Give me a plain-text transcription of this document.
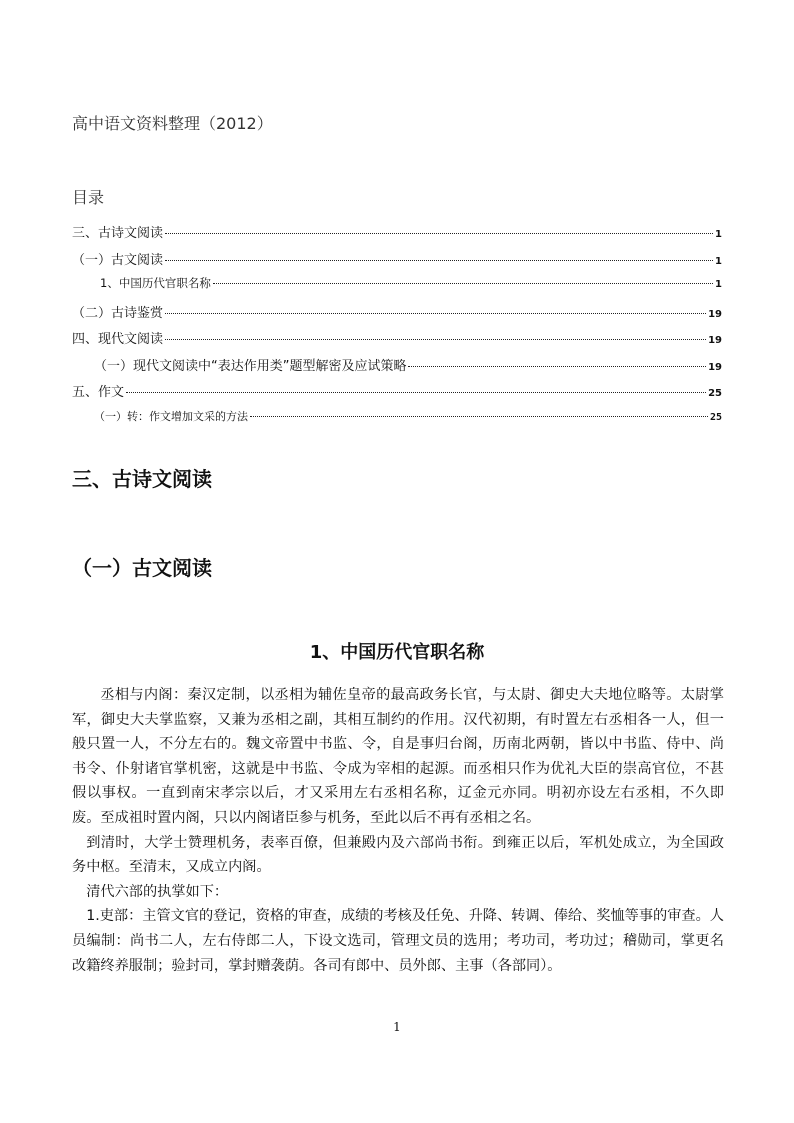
高中语文资料整理（2012）
目录
三、古诗文阅读	1
（一）古文阅读	1
1、中国历代官职名称	1
（二）古诗鉴赏	19
四、现代文阅读	19
（一）现代文阅读中“表达作用类”题型解密及应试策略	19
五、作文	25
（一）转：作文增加文采的方法	25
三、古诗文阅读
（一）古文阅读
1、中国历代官职名称

丞相与内阁：秦汉定制，以丞相为辅佐皇帝的最高政务长官，与太尉、御史大夫地位略等。太尉掌军，御史大夫掌监察，又兼为丞相之副，其相互制约的作用。汉代初期，有时置左右丞相各一人，但一般只置一人，不分左右的。魏文帝置中书监、令，自是事归台阁，历南北两朝，皆以中书监、侍中、尚书令、仆射诸官掌机密，这就是中书监、令成为宰相的起源。而丞相只作为优礼大臣的崇高官位，不甚假以事权。一直到南宋孝宗以后，才又采用左右丞相名称，辽金元亦同。明初亦设左右丞相，不久即废。至成祖时置内阁，只以内阁诸臣参与机务，至此以后不再有丞相之名。

到清时，大学士赞理机务，表率百僚，但兼殿内及六部尚书衔。到雍正以后，军机处成立，为全国政务中枢。至清末，又成立内阁。

清代六部的执掌如下：

1.吏部：主管文官的登记，资格的审查，成绩的考核及任免、升降、转调、俸给、奖恤等事的审查。人员编制：尚书二人，左右侍郎二人，下设文选司，管理文员的选用；考功司，考功过；稽勋司，掌更名改籍终养服制；验封司，掌封赠袭荫。各司有郎中、员外郎、主事（各部同）。

1
